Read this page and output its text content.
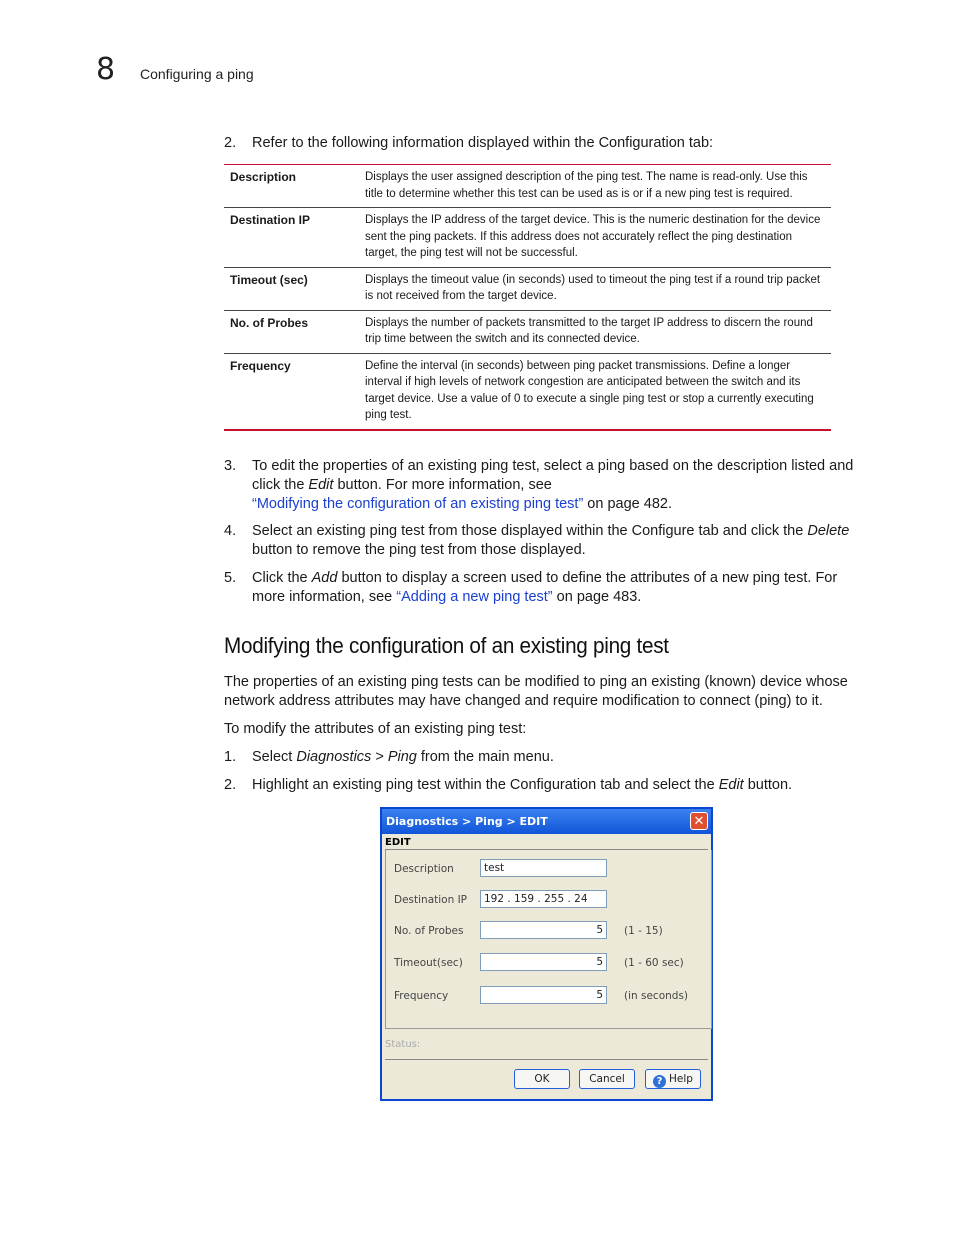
8 Configuring a ping
2. Refer to the following information displayed within the Configuration tab:
Description	Displays the user assigned description of the ping test. The name is read-only. Use this title to determine whether this test can be used as is or if a new ping test is required.
Destination IP	Displays the IP address of the target device. This is the numeric destination for the device sent the ping packets. If this address does not accurately reflect the ping destination target, the ping test will not be successful.
Timeout (sec)	Displays the timeout value (in seconds) used to timeout the ping test if a round trip packet is not received from the target device.
No. of Probes	Displays the number of packets transmitted to the target IP address to discern the round trip time between the switch and its connected device.
Frequency	Define the interval (in seconds) between ping packet transmissions. Define a longer interval if high levels of network congestion are anticipated between the switch and its target device. Use a value of 0 to execute a single ping test or stop a currently executing ping test.
3. To edit the properties of an existing ping test, select a ping based on the description listed and click the Edit button. For more information, see
“Modifying the configuration of an existing ping test” on page 482.
4. Select an existing ping test from those displayed within the Configure tab and click the Delete button to remove the ping test from those displayed.
5. Click the Add button to display a screen used to define the attributes of a new ping test. For more information, see “Adding a new ping test” on page 483.
Modifying the configuration of an existing ping test
The properties of an existing ping tests can be modified to ping an existing (known) device whose network address attributes may have changed and require modification to connect (ping) to it.
To modify the attributes of an existing ping test:
1. Select Diagnostics > Ping from the main menu.
2. Highlight an existing ping test within the Configuration tab and select the Edit button.
Diagnostics > Ping > EDIT	✕
EDIT
Description	test
Destination IP	192 . 159 . 255 . 24
No. of Probes	5	(1 - 15)
Timeout(sec)	5	(1 - 60 sec)
Frequency	5	(in seconds)
Status:
OK	Cancel	? Help
